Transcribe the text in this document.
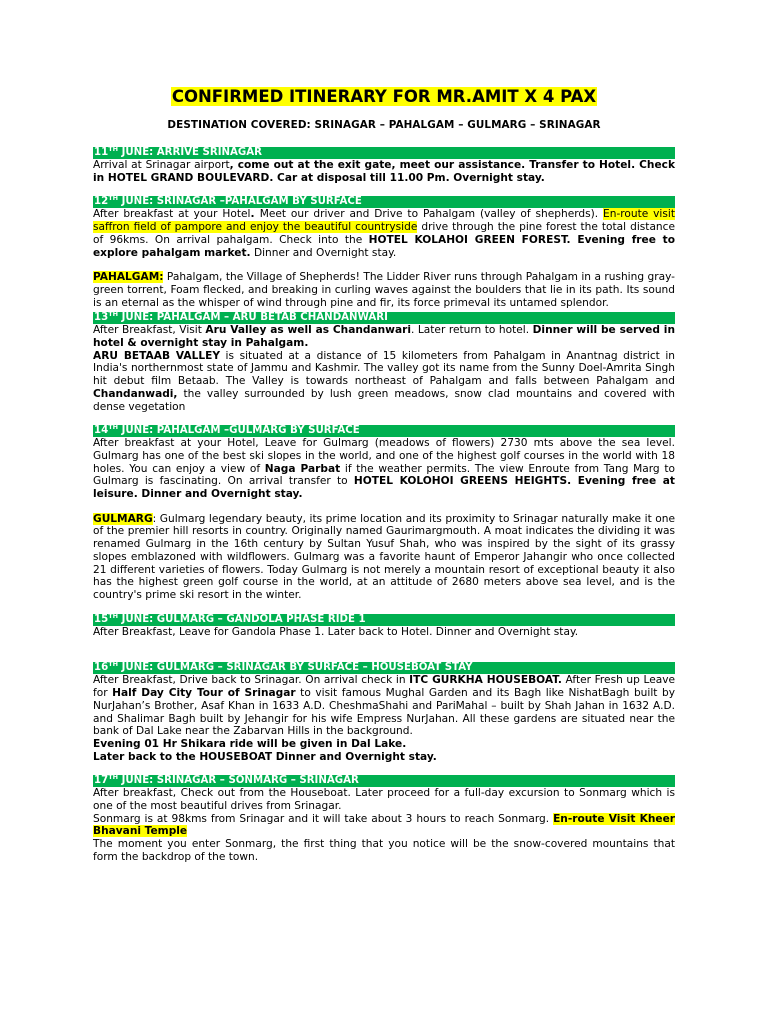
CONFIRMED ITINERARY FOR MR.AMIT X 4 PAX
DESTINATION COVERED: SRINAGAR – PAHALGAM – GULMARG – SRINAGAR
11TH JUNE: ARRIVE SRINAGAR

Arrival at Srinagar airport, come out at the exit gate, meet our assistance. Transfer to Hotel. Check in HOTEL GRAND BOULEVARD. Car at disposal till 11.00 Pm. Overnight stay.

12TH JUNE: SRINAGAR –PAHALGAM BY SURFACE

After breakfast at your Hotel. Meet our driver and Drive to Pahalgam (valley of shepherds). En-route visit saffron field of pampore and enjoy the beautiful countryside drive through the pine forest the total distance of 96kms. On arrival pahalgam. Check into the HOTEL KOLAHOI GREEN FOREST. Evening free to explore pahalgam market. Dinner and Overnight stay.

PAHALGAM: Pahalgam, the Village of Shepherds! The Lidder River runs through Pahalgam in a rushing gray-green torrent, Foam flecked, and breaking in curling waves against the boulders that lie in its path. Its sound is an eternal as the whisper of wind through pine and fir, its force primeval its untamed splendor.

13TH JUNE: PAHALGAM – ARU BETAB CHANDANWARI

After Breakfast, Visit Aru Valley as well as Chandanwari. Later return to hotel. Dinner will be served in hotel & overnight stay in Pahalgam.

ARU BETAAB VALLEY is situated at a distance of 15 kilometers from Pahalgam in Anantnag district in India's northernmost state of Jammu and Kashmir. The valley got its name from the Sunny Doel-Amrita Singh hit debut film Betaab. The Valley is towards northeast of Pahalgam and falls between Pahalgam and Chandanwadi, the valley surrounded by lush green meadows, snow clad mountains and covered with dense vegetation

14TH JUNE: PAHALGAM –GULMARG BY SURFACE

After breakfast at your Hotel, Leave for Gulmarg (meadows of flowers) 2730 mts above the sea level. Gulmarg has one of the best ski slopes in the world, and one of the highest golf courses in the world with 18 holes. You can enjoy a view of Naga Parbat if the weather permits. The view Enroute from Tang Marg to Gulmarg is fascinating. On arrival transfer to HOTEL KOLOHOI GREENS HEIGHTS. Evening free at leisure. Dinner and Overnight stay.

GULMARG: Gulmarg legendary beauty, its prime location and its proximity to Srinagar naturally make it one of the premier hill resorts in country. Originally named Gaurimargmouth. A moat indicates the dividing it was renamed Gulmarg in the 16th century by Sultan Yusuf Shah, who was inspired by the sight of its grassy slopes emblazoned with wildflowers. Gulmarg was a favorite haunt of Emperor Jahangir who once collected 21 different varieties of flowers. Today Gulmarg is not merely a mountain resort of exceptional beauty it also has the highest green golf course in the world, at an attitude of 2680 meters above sea level, and is the country's prime ski resort in the winter.

15TH JUNE: GULMARG – GANDOLA PHASE RIDE 1

After Breakfast, Leave for Gandola Phase 1. Later back to Hotel. Dinner and Overnight stay.

16TH JUNE: GULMARG – SRINAGAR BY SURFACE – HOUSEBOAT STAY

After Breakfast, Drive back to Srinagar. On arrival check in ITC GURKHA HOUSEBOAT. After Fresh up Leave for Half Day City Tour of Srinagar to visit famous Mughal Garden and its Bagh like NishatBagh built by NurJahan’s Brother, Asaf Khan in 1633 A.D. CheshmaShahi and PariMahal – built by Shah Jahan in 1632 A.D. and Shalimar Bagh built by Jehangir for his wife Empress NurJahan. All these gardens are situated near the bank of Dal Lake near the Zabarvan Hills in the background.

Evening 01 Hr Shikara ride will be given in Dal Lake.

Later back to the HOUSEBOAT Dinner and Overnight stay.

17TH JUNE: SRINAGAR – SONMARG – SRINAGAR

After breakfast, Check out from the Houseboat. Later proceed for a full-day excursion to Sonmarg which is one of the most beautiful drives from Srinagar.

Sonmarg is at 98kms from Srinagar and it will take about 3 hours to reach Sonmarg. En-route Visit Kheer Bhavani Temple

The moment you enter Sonmarg, the first thing that you notice will be the snow-covered mountains that form the backdrop of the town.
